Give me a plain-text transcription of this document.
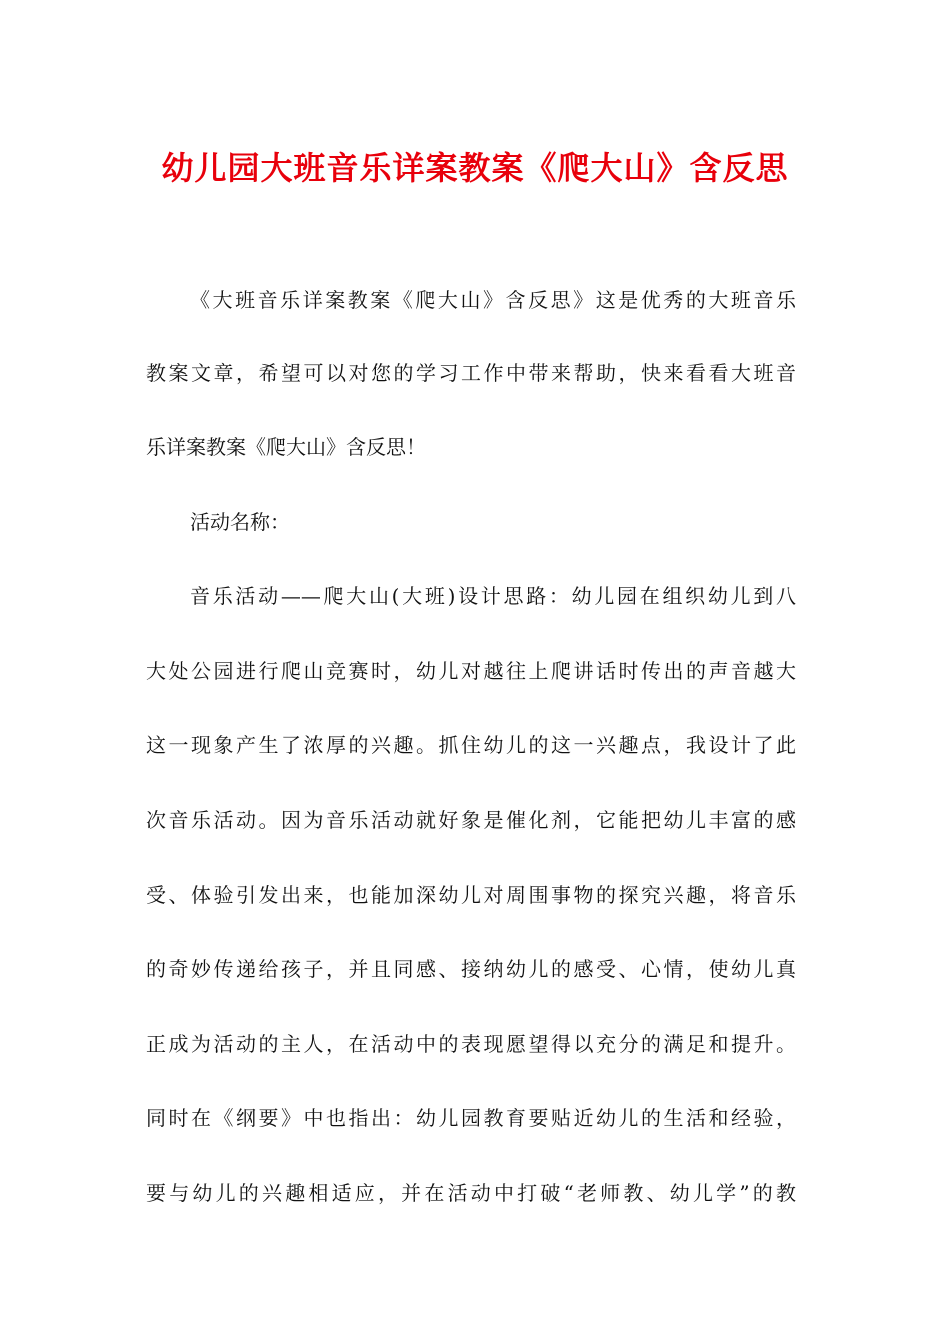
幼儿园大班音乐详案教案《爬大山》含反思

《大班音乐详案教案《爬大山》含反思》这是优秀的大班音乐

教案文章，希望可以对您的学习工作中带来帮助，快来看看大班音

乐详案教案《爬大山》含反思！

活动名称：

音乐活动——爬大山(大班)设计思路：幼儿园在组织幼儿到八

大处公园进行爬山竞赛时，幼儿对越往上爬讲话时传出的声音越大

这一现象产生了浓厚的兴趣。抓住幼儿的这一兴趣点，我设计了此

次音乐活动。因为音乐活动就好象是催化剂，它能把幼儿丰富的感

受、体验引发出来，也能加深幼儿对周围事物的探究兴趣，将音乐

的奇妙传递给孩子，并且同感、接纳幼儿的感受、心情，使幼儿真

正成为活动的主人，在活动中的表现愿望得以充分的满足和提升。

同时在《纲要》中也指出：幼儿园教育要贴近幼儿的生活和经验，

要与幼儿的兴趣相适应，并在活动中打破“老师教、幼儿学”的教
